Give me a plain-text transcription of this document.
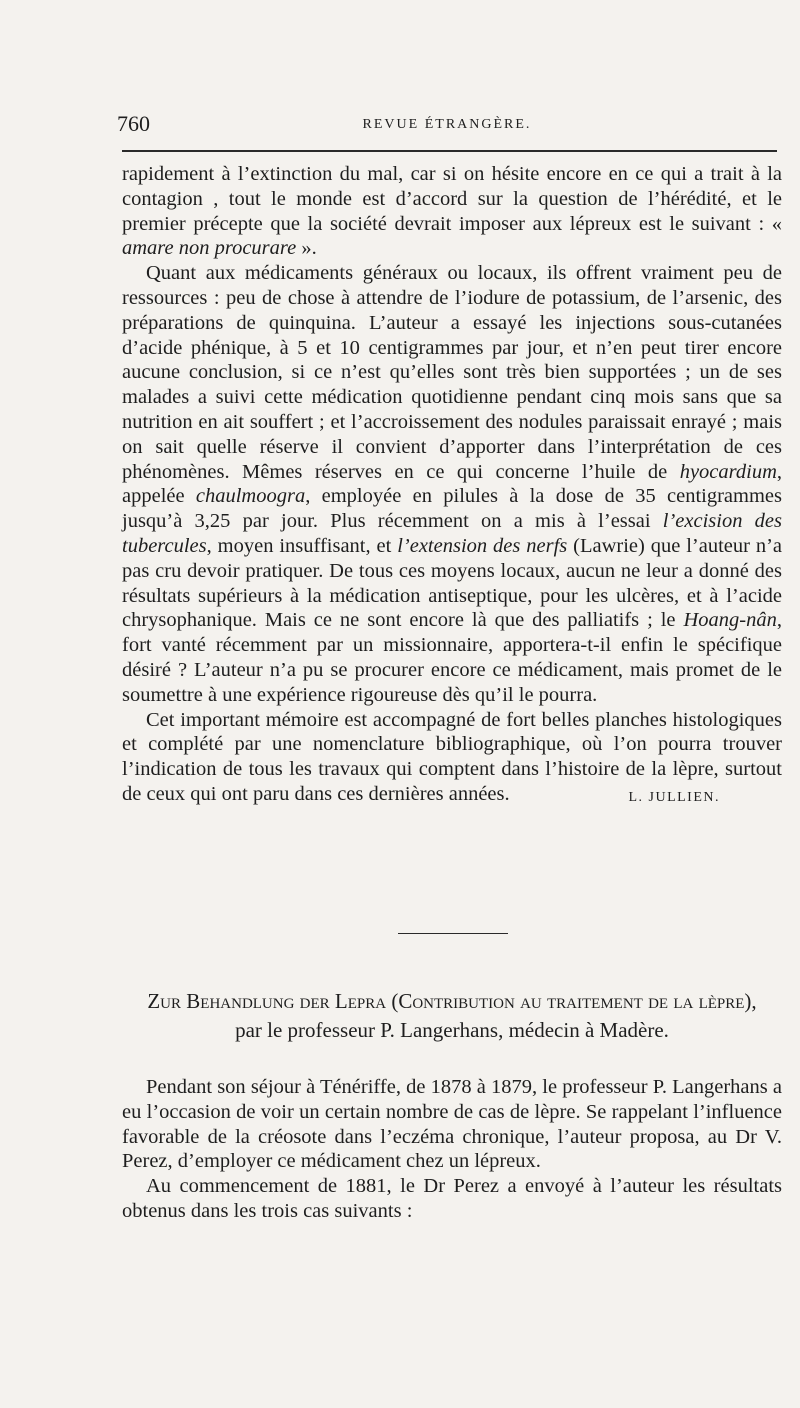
760	REVUE ÉTRANGÈRE.

rapidement à l’extinction du mal, car si on hésite encore en ce qui a trait à la contagion , tout le monde est d’accord sur la question de l’hérédité, et le premier précepte que la société devrait imposer aux lépreux est le suivant : « amare non procurare ».

Quant aux médicaments généraux ou locaux, ils offrent vraiment peu de ressources : peu de chose à attendre de l’iodure de potassium, de l’arsenic, des préparations de quinquina. L’auteur a essayé les injections sous-cutanées d’acide phénique, à 5 et 10 centigrammes par jour, et n’en peut tirer encore aucune conclusion, si ce n’est qu’elles sont très bien supportées ; un de ses malades a suivi cette médication quotidienne pendant cinq mois sans que sa nutrition en ait souffert ; et l’accroissement des nodules paraissait enrayé ; mais on sait quelle réserve il convient d’apporter dans l’interprétation de ces phénomènes. Mêmes réserves en ce qui concerne l’huile de hyocardium, appelée chaulmoogra, employée en pilules à la dose de 35 centigrammes jusqu’à 3,25 par jour. Plus récemment on a mis à l’essai l’excision des tubercules, moyen insuffisant, et l’extension des nerfs (Lawrie) que l’auteur n’a pas cru devoir pratiquer. De tous ces moyens locaux, aucun ne leur a donné des résultats supérieurs à la médication antiseptique, pour les ulcères, et à l’acide chrysophanique. Mais ce ne sont encore là que des palliatifs ; le Hoang-nân, fort vanté récemment par un missionnaire, apportera-t-il enfin le spécifique désiré ? L’auteur n’a pu se procurer encore ce médicament, mais promet de le soumettre à une expérience rigoureuse dès qu’il le pourra.

Cet important mémoire est accompagné de fort belles planches histologiques et complété par une nomenclature bibliographique, où l’on pourra trouver l’indication de tous les travaux qui comptent dans l’histoire de la lèpre, surtout de ceux qui ont paru dans ces dernières années.	L. JULLIEN.

Zur Behandlung der Lepra (Contribution au traitement de la lèpre),
par le professeur P. Langerhans, médecin à Madère.

Pendant son séjour à Ténériffe, de 1878 à 1879, le professeur P. Langerhans a eu l’occasion de voir un certain nombre de cas de lèpre. Se rappelant l’influence favorable de la créosote dans l’eczéma chronique, l’auteur proposa, au Dr V. Perez, d’employer ce médicament chez un lépreux.

Au commencement de 1881, le Dr Perez a envoyé à l’auteur les résultats obtenus dans les trois cas suivants :
